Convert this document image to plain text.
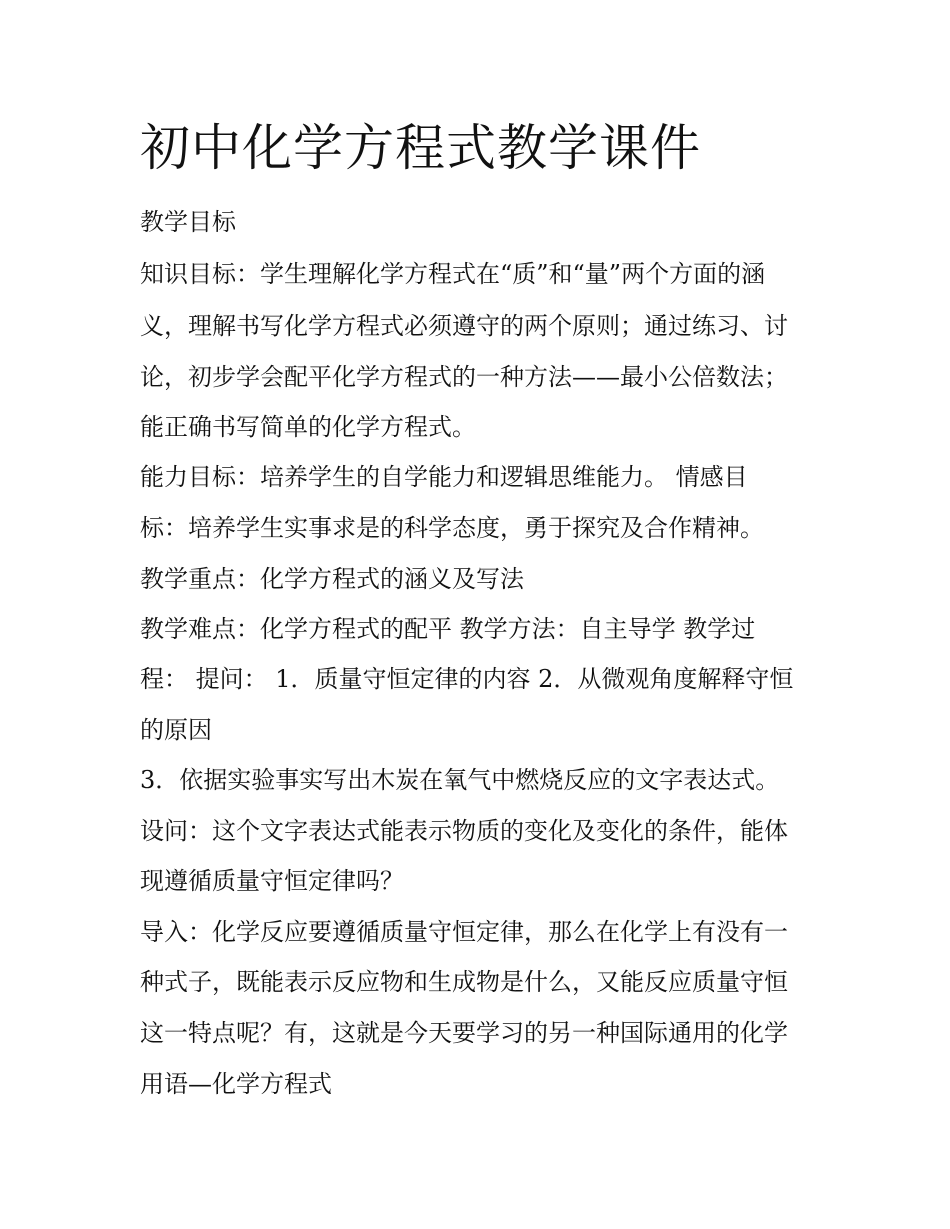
初中化学方程式教学课件

教学目标

知识目标：学生理解化学方程式在“质”和“量”两个方面的涵

义，理解书写化学方程式必须遵守的两个原则；通过练习、讨

论，初步学会配平化学方程式的一种方法——最小公倍数法；

能正确书写简单的化学方程式。

能力目标：培养学生的自学能力和逻辑思维能力。 情感目

标：培养学生实事求是的科学态度，勇于探究及合作精神。

教学重点：化学方程式的涵义及写法

教学难点：化学方程式的配平 教学方法：自主导学 教学过

程： 提问： 1．质量守恒定律的内容 2．从微观角度解释守恒

的原因

3．依据实验事实写出木炭在氧气中燃烧反应的文字表达式。

设问：这个文字表达式能表示物质的变化及变化的条件，能体

现遵循质量守恒定律吗？

导入：化学反应要遵循质量守恒定律，那么在化学上有没有一

种式子，既能表示反应物和生成物是什么，又能反应质量守恒

这一特点呢？有，这就是今天要学习的另一种国际通用的化学

用语—化学方程式
